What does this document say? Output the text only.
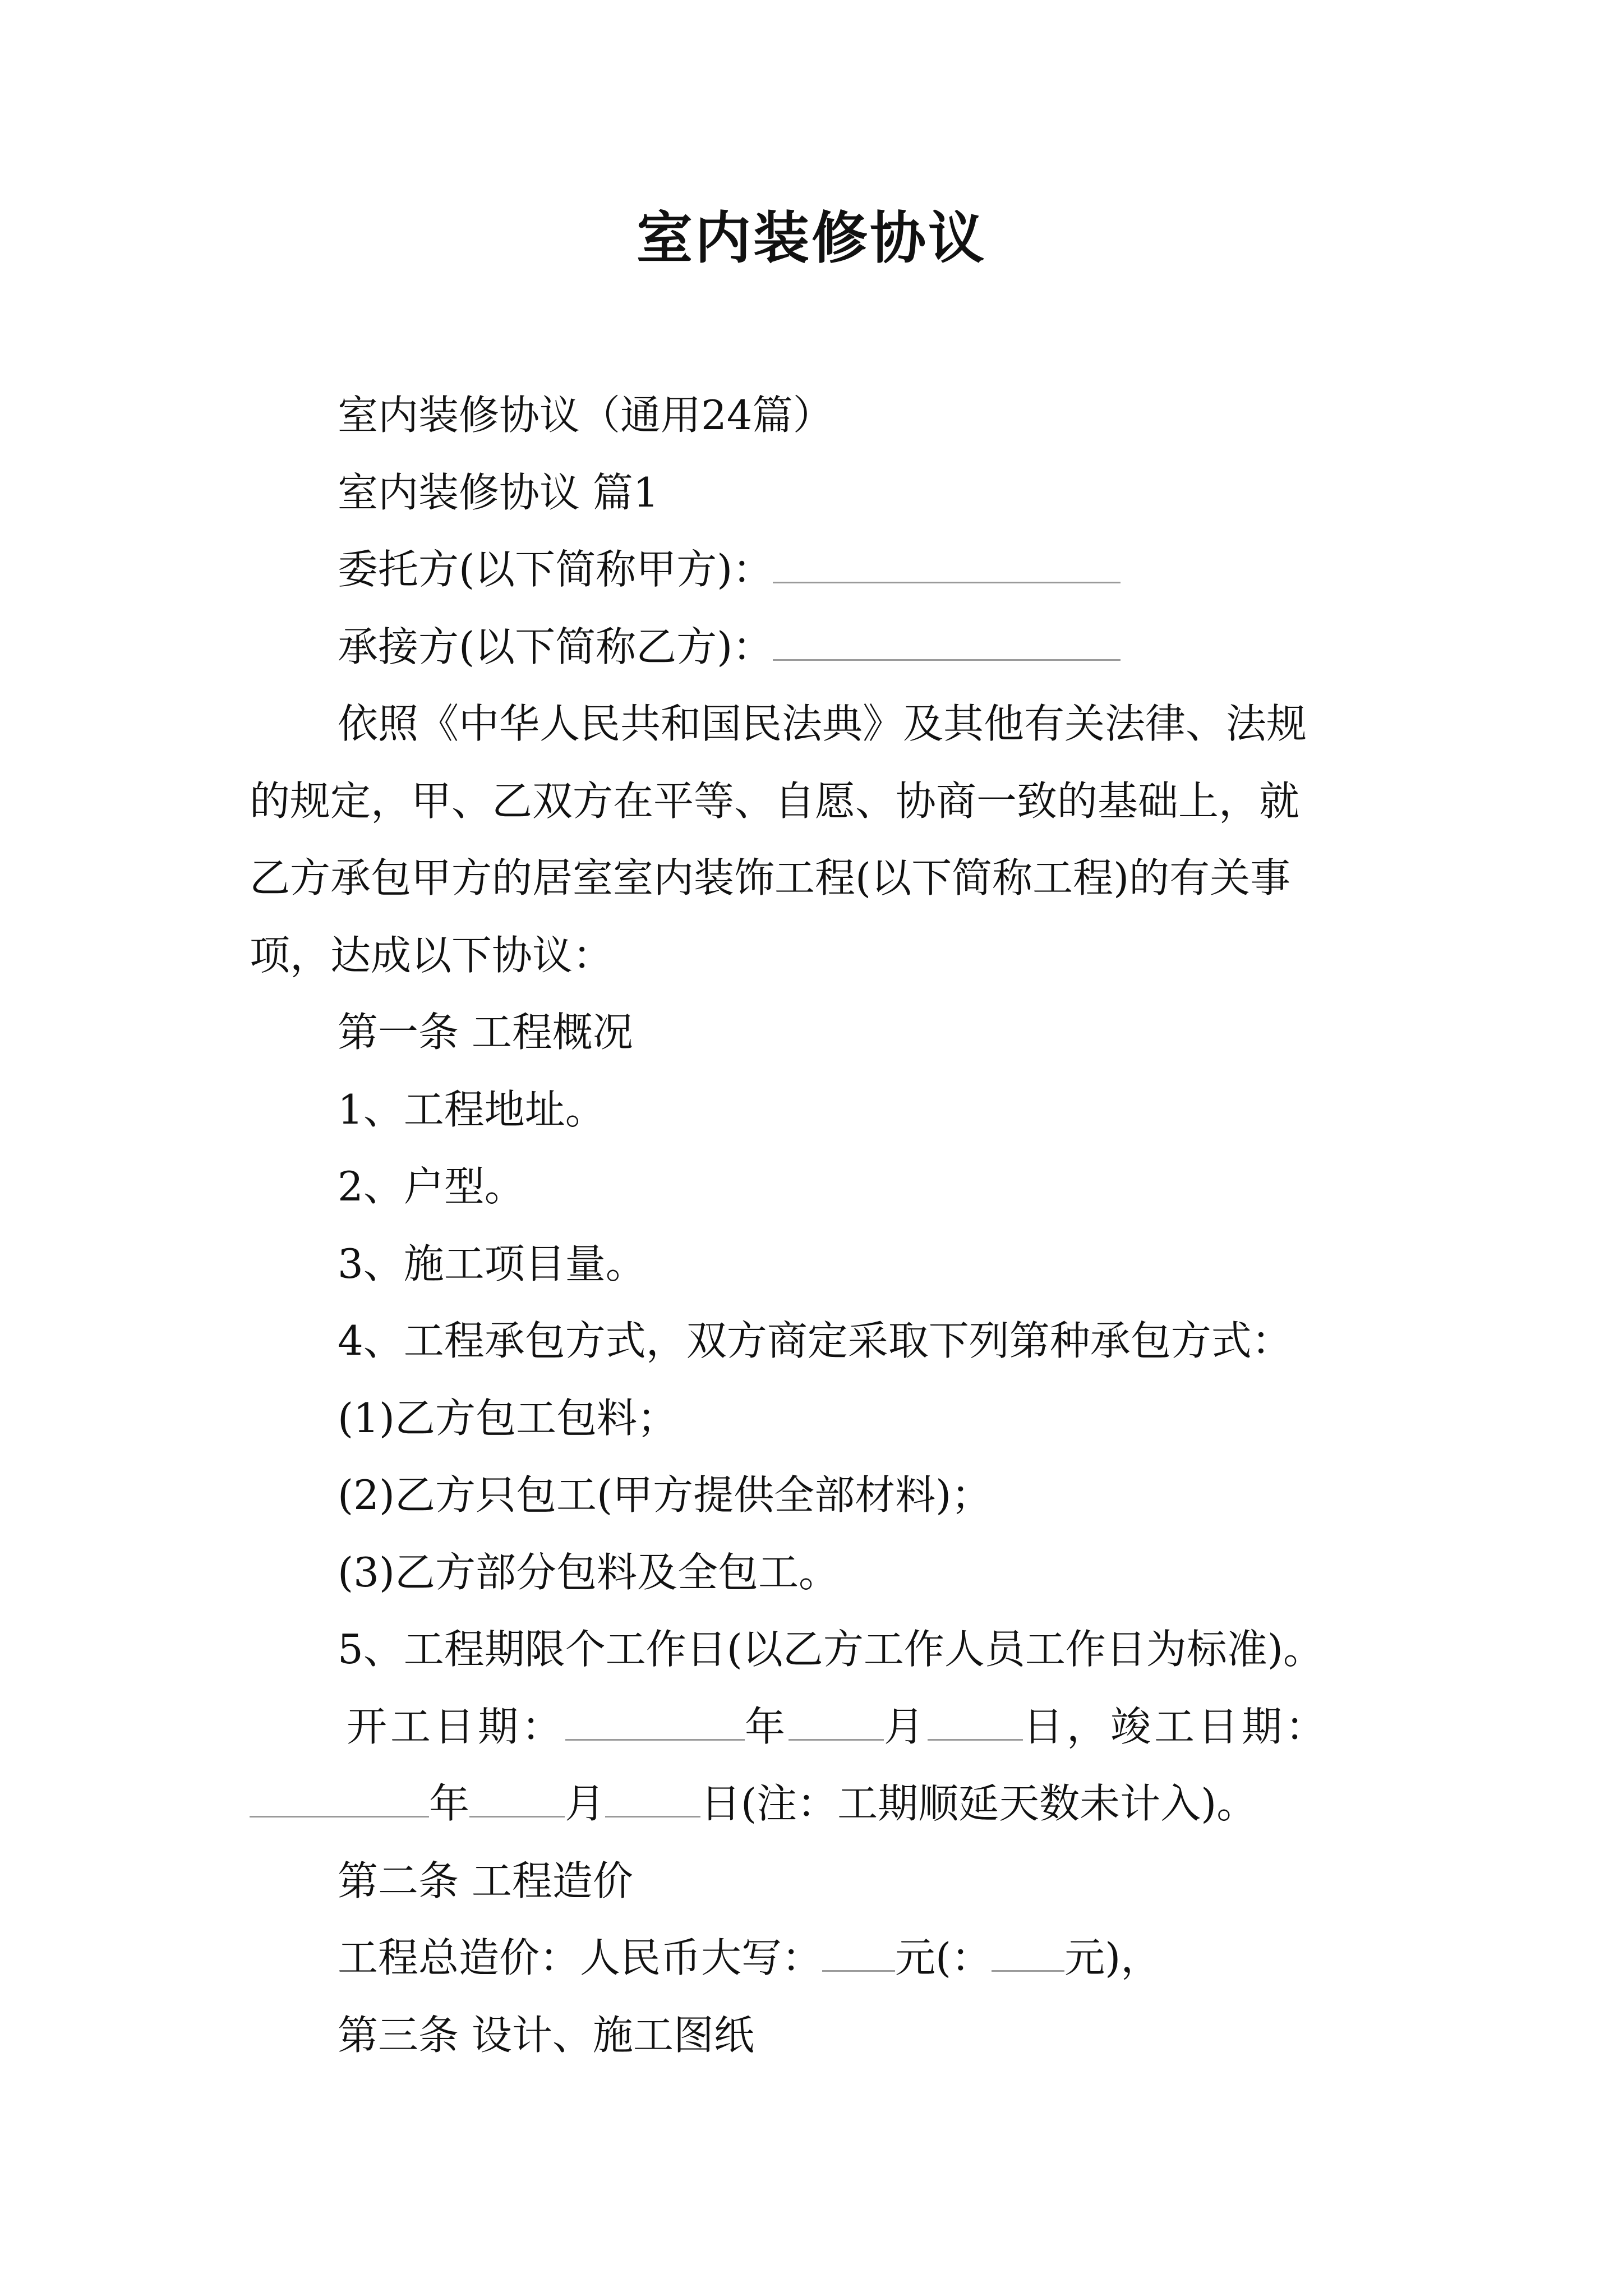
室内装修协议
室内装修协议（通用24篇）
室内装修协议 篇1
委托方(以下简称甲方)：
承接方(以下简称乙方)：
依照《中华人民共和国民法典》及其他有关法律、法规
的规定，甲、乙双方在平等、自愿、协商一致的基础上，就
乙方承包甲方的居室室内装饰工程(以下简称工程)的有关事
项，达成以下协议：
第一条 工程概况
1、工程地址。
2、户型。
3、施工项目量。
4、工程承包方式，双方商定采取下列第种承包方式：
(1)乙方包工包料；
(2)乙方只包工(甲方提供全部材料)；
(3)乙方部分包料及全包工。
5、工程期限个工作日(以乙方工作人员工作日为标准)。
开工日期：	年 月 日，竣工日期：
年 月 日(注：工期顺延天数未计入)。
第二条 工程造价
工程总造价：人民币大写： 元(： 元)，
第三条 设计、施工图纸
